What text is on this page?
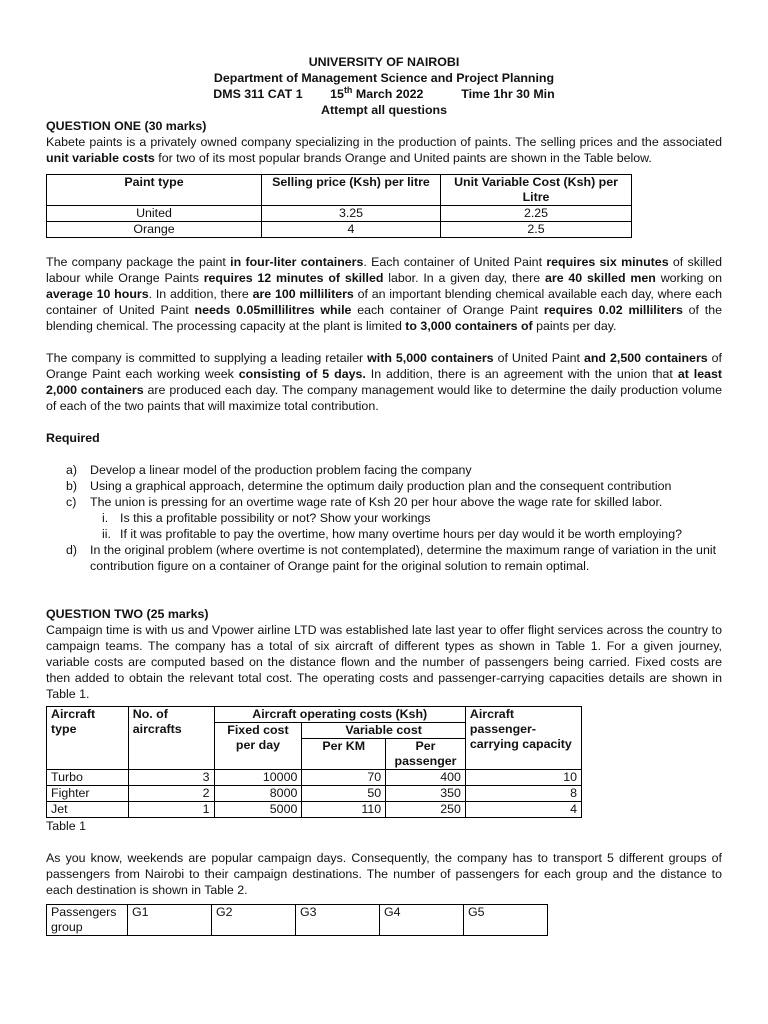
UNIVERSITY OF NAIROBI
Department of Management Science and Project Planning
DMS 311 CAT 1 15th March 2022	Time 1hr 30 Min
Attempt all questions
QUESTION ONE (30 marks)

Kabete paints is a privately owned company specializing in the production of paints. The selling prices and the associated unit variable costs for two of its most popular brands Orange and United paints are shown in the Table below.

Paint type	Selling price (Ksh) per litre	Unit Variable Cost (Ksh) per Litre
United	3.25	2.25
Orange	4	2.5

The company package the paint in four-liter containers. Each container of United Paint requires six minutes of skilled labour while Orange Paints requires 12 minutes of skilled labor. In a given day, there are 40 skilled men working on average 10 hours. In addition, there are 100 milliliters of an important blending chemical available each day, where each container of United Paint needs 0.05millilitres while each container of Orange Paint requires 0.02 milliliters of the blending chemical. The processing capacity at the plant is limited to 3,000 containers of paints per day.

The company is committed to supplying a leading retailer with 5,000 containers of United Paint and 2,500 containers of Orange Paint each working week consisting of 5 days. In addition, there is an agreement with the union that at least 2,000 containers are produced each day. The company management would like to determine the daily production volume of each of the two paints that will maximize total contribution.

Required
a) Develop a linear model of the production problem facing the company
b) Using a graphical approach, determine the optimum daily production plan and the consequent contribution
c) The union is pressing for an overtime wage rate of Ksh 20 per hour above the wage rate for skilled labor.
i. Is this a profitable possibility or not? Show your workings
ii. If it was profitable to pay the overtime, how many overtime hours per day would it be worth employing?
d) In the original problem (where overtime is not contemplated), determine the maximum range of variation in the unit contribution figure on a container of Orange paint for the original solution to remain optimal.
QUESTION TWO (25 marks)

Campaign time is with us and Vpower airline LTD was established late last year to offer flight services across the country to campaign teams. The company has a total of six aircraft of different types as shown in Table 1. For a given journey, variable costs are computed based on the distance flown and the number of passengers being carried. Fixed costs are then added to obtain the relevant total cost. The operating costs and passenger-carrying capacities details are shown in Table 1.

Aircraft type	No. of aircrafts	Aircraft operating costs (Ksh)			Aircraft passenger-carrying capacity
		Fixed cost per day	Variable cost		
			Per KM	Per passenger	
Turbo	3	10000	70	400	10
Fighter	2	8000	50	350	8
Jet	1	5000	110	250	4
Table 1

As you know, weekends are popular campaign days. Consequently, the company has to transport 5 different groups of passengers from Nairobi to their campaign destinations. The number of passengers for each group and the distance to each destination is shown in Table 2.

Passengers group	G1	G2	G3	G4	G5
